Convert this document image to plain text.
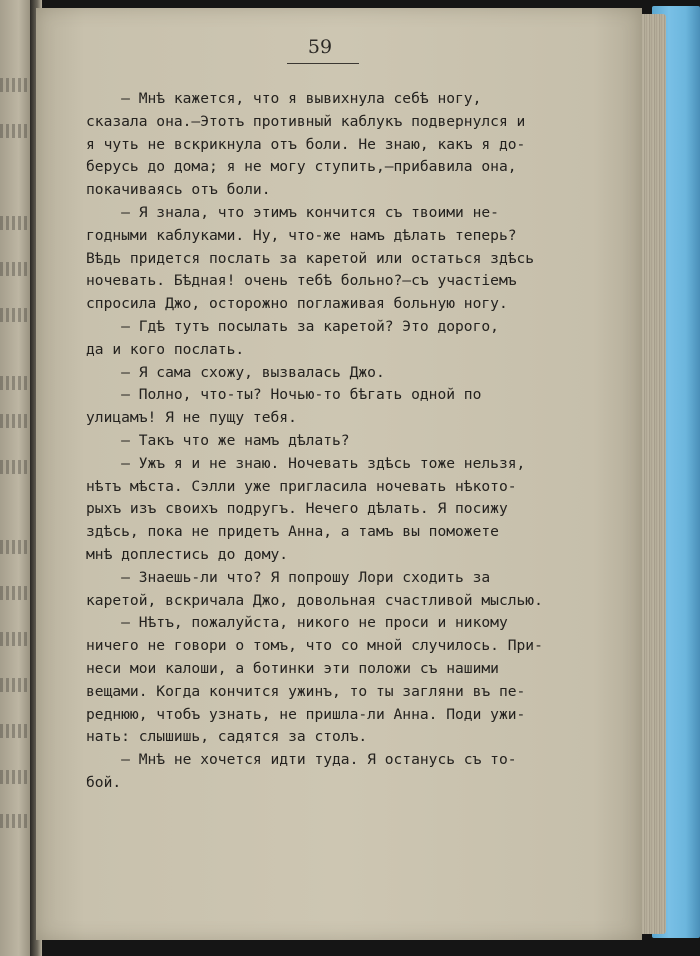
59
— Мнѣ кажется, что я вывихнула себѣ ногу,
сказала она.—Этотъ противный каблукъ подвернулся и
я чуть не вскрикнула отъ боли. Не знаю, какъ я до-
берусь до дома; я не могу ступить,—прибавила она,
покачиваясь отъ боли.
— Я знала, что этимъ кончится съ твоими не-
годными каблуками. Ну, что-же намъ дѣлать теперь?
Вѣдь придется послать за каретой или остаться здѣсь
ночевать. Бѣдная! очень тебѣ больно?—съ участіемъ
спросила Джо, осторожно поглаживая больную ногу.
— Гдѣ тутъ посылать за каретой? Это дорого,
да и кого послать.
— Я сама схожу, вызвалась Джо.
— Полно, что-ты? Ночью-то бѣгать одной по
улицамъ! Я не пущу тебя.
— Такъ что же намъ дѣлать?
— Ужъ я и не знаю. Ночевать здѣсь тоже нельзя,
нѣтъ мѣста. Сэлли уже пригласила ночевать нѣкото-
рыхъ изъ своихъ подругъ. Нечего дѣлать. Я посижу
здѣсь, пока не придетъ Анна, а тамъ вы поможете
мнѣ доплестись до дому.
— Знаешь-ли что? Я попрошу Лори сходить за
каретой, вскричала Джо, довольная счастливой мыслью.
— Нѣтъ, пожалуйста, никого не проси и никому
ничего не говори о томъ, что со мной случилось. При-
неси мои калоши, а ботинки эти положи съ нашими
вещами. Когда кончится ужинъ, то ты загляни въ пе-
реднюю, чтобъ узнать, не пришла-ли Анна. Поди ужи-
нать: слышишь, садятся за столъ.
— Мнѣ не хочется идти туда. Я останусь съ то-
бой.
